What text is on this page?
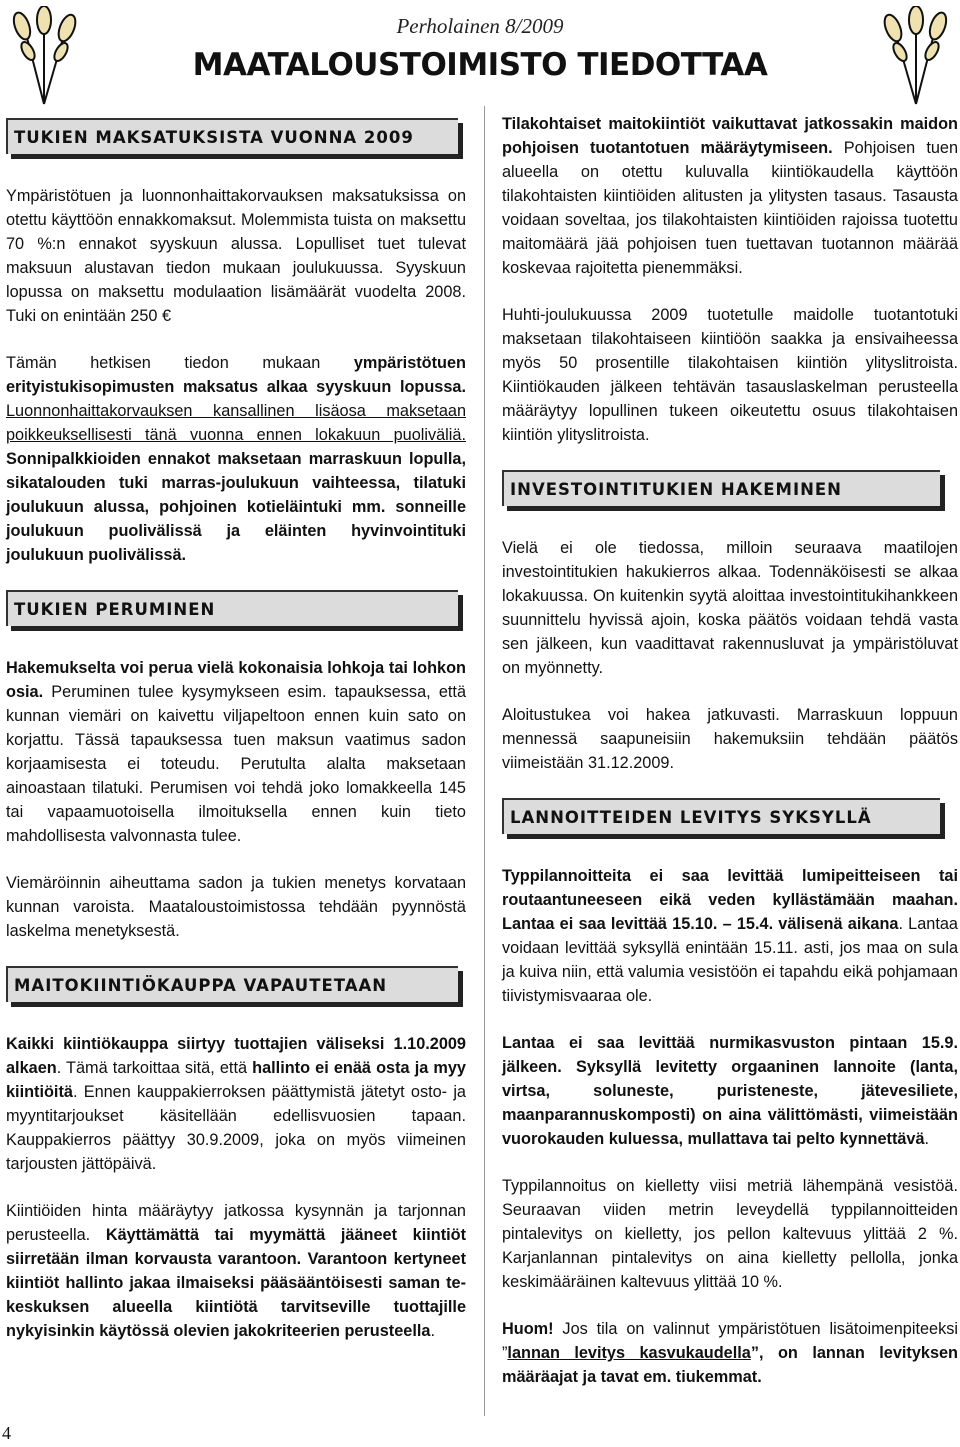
Perholainen 8/2009
MAATALOUSTOIMISTO TIEDOTTAA
TUKIEN MAKSATUKSISTA VUONNA 2009

Ympäristötuen ja luonnonhaittakorvauksen maksatuksissa on otettu käyttöön ennakkomaksut. Molemmista tuista on maksettu 70 %:n ennakot syyskuun alussa. Lopulliset tuet tulevat maksuun alustavan tiedon mukaan joulukuussa. Syyskuun lopussa on maksettu modulaation lisämäärät vuodelta 2008. Tuki on enintään 250 €

Tämän hetkisen tiedon mukaan ympäristötuen erityistukisopimusten maksatus alkaa syyskuun lopussa. Luonnonhaittakorvauksen kansallinen lisäosa maksetaan poikkeuksellisesti tänä vuonna ennen lokakuun puoliväliä. Sonnipalkkioiden ennakot maksetaan marraskuun lopulla, sikatalouden tuki marras-joulukuun vaihteessa, tilatuki joulukuun alussa, pohjoinen kotieläintuki mm. sonneille joulukuun puolivälissä ja eläinten hyvinvointituki joulukuun puolivälissä.

TUKIEN PERUMINEN

Hakemukselta voi perua vielä kokonaisia lohkoja tai lohkon osia. Peruminen tulee kysymykseen esim. tapauksessa, että kunnan viemäri on kaivettu viljapeltoon ennen kuin sato on korjattu. Tässä tapauksessa tuen maksun vaatimus sadon korjaamisesta ei toteudu. Perutulta alalta maksetaan ainoastaan tilatuki. Perumisen voi tehdä joko lomakkeella 145 tai vapaamuotoisella ilmoituksella ennen kuin tieto mahdollisesta valvonnasta tulee.

Viemäröinnin aiheuttama sadon ja tukien menetys korvataan kunnan varoista. Maataloustoimistossa tehdään pyynnöstä laskelma menetyksestä.

MAITOKIINTIÖKAUPPA VAPAUTETAAN

Kaikki kiintiökauppa siirtyy tuottajien väliseksi 1.10.2009 alkaen. Tämä tarkoittaa sitä, että hallinto ei enää osta ja myy kiintiöitä. Ennen kauppakierroksen päättymistä jätetyt osto- ja myyntitarjoukset käsitellään edellisvuosien tapaan. Kauppakierros päättyy 30.9.2009, joka on myös viimeinen tarjousten jättöpäivä.

Kiintiöiden hinta määräytyy jatkossa kysynnän ja tarjonnan perusteella. Käyttämättä tai myymättä jääneet kiintiöt siirretään ilman korvausta varantoon. Varantoon kertyneet kiintiöt hallinto jakaa ilmaiseksi pääsääntöisesti saman te-keskuksen alueella kiintiötä tarvitseville tuottajille nykyisinkin käytössä olevien jakokriteerien perusteella.

Tilakohtaiset maitokiintiöt vaikuttavat jatkossakin maidon pohjoisen tuotantotuen määräytymiseen. Pohjoisen tuen alueella on otettu kuluvalla kiintiökaudella käyttöön tilakohtaisten kiintiöiden alitusten ja ylitysten tasaus. Tasausta voidaan soveltaa, jos tilakohtaisten kiintiöiden rajoissa tuotettu maitomäärä jää pohjoisen tuen tuettavan tuotannon määrää koskevaa rajoitetta pienemmäksi.

Huhti-joulukuussa 2009 tuotetulle maidolle tuotantotuki maksetaan tilakohtaiseen kiintiöön saakka ja ensivaiheessa myös 50 prosentille tilakohtaisen kiintiön ylityslitroista. Kiintiökauden jälkeen tehtävän tasauslaskelman perusteella määräytyy lopullinen tukeen oikeutettu osuus tilakohtaisen kiintiön ylityslitroista.

INVESTOINTITUKIEN HAKEMINEN

Vielä ei ole tiedossa, milloin seuraava maatilojen investointitukien hakukierros alkaa. Todennäköisesti se alkaa lokakuussa. On kuitenkin syytä aloittaa investointitukihankkeen suunnittelu hyvissä ajoin, koska päätös voidaan tehdä vasta sen jälkeen, kun vaadittavat rakennusluvat ja ympäristöluvat on myönnetty.

Aloitustukea voi hakea jatkuvasti. Marraskuun loppuun mennessä saapuneisiin hakemuksiin tehdään päätös viimeistään 31.12.2009.

LANNOITTEIDEN LEVITYS SYKSYLLÄ

Typpilannoitteita ei saa levittää lumipeitteiseen tai routaantuneeseen eikä veden kyllästämään maahan. Lantaa ei saa levittää 15.10. – 15.4. välisenä aikana. Lantaa voidaan levittää syksyllä enintään 15.11. asti, jos maa on sula ja kuiva niin, että valumia vesistöön ei tapahdu eikä pohjamaan tiivistymisvaaraa ole.

Lantaa ei saa levittää nurmikasvuston pintaan 15.9. jälkeen. Syksyllä levitetty orgaaninen lannoite (lanta, virtsa, soluneste, puristeneste, jätevesiliete, maanparannuskomposti) on aina välittömästi, viimeistään vuorokauden kuluessa, mullattava tai pelto kynnettävä.

Typpilannoitus on kielletty viisi metriä lähempänä vesistöä. Seuraavan viiden metrin leveydellä typpilannoitteiden pintalevitys on kielletty, jos pellon kaltevuus ylittää 2 %. Karjanlannan pintalevitys on aina kielletty pellolla, jonka keskimääräinen kaltevuus ylittää 10 %.

Huom! Jos tila on valinnut ympäristötuen lisätoimenpiteeksi ”lannan levitys kasvukaudella”, on lannan levityksen määräajat ja tavat em. tiukemmat.

4
